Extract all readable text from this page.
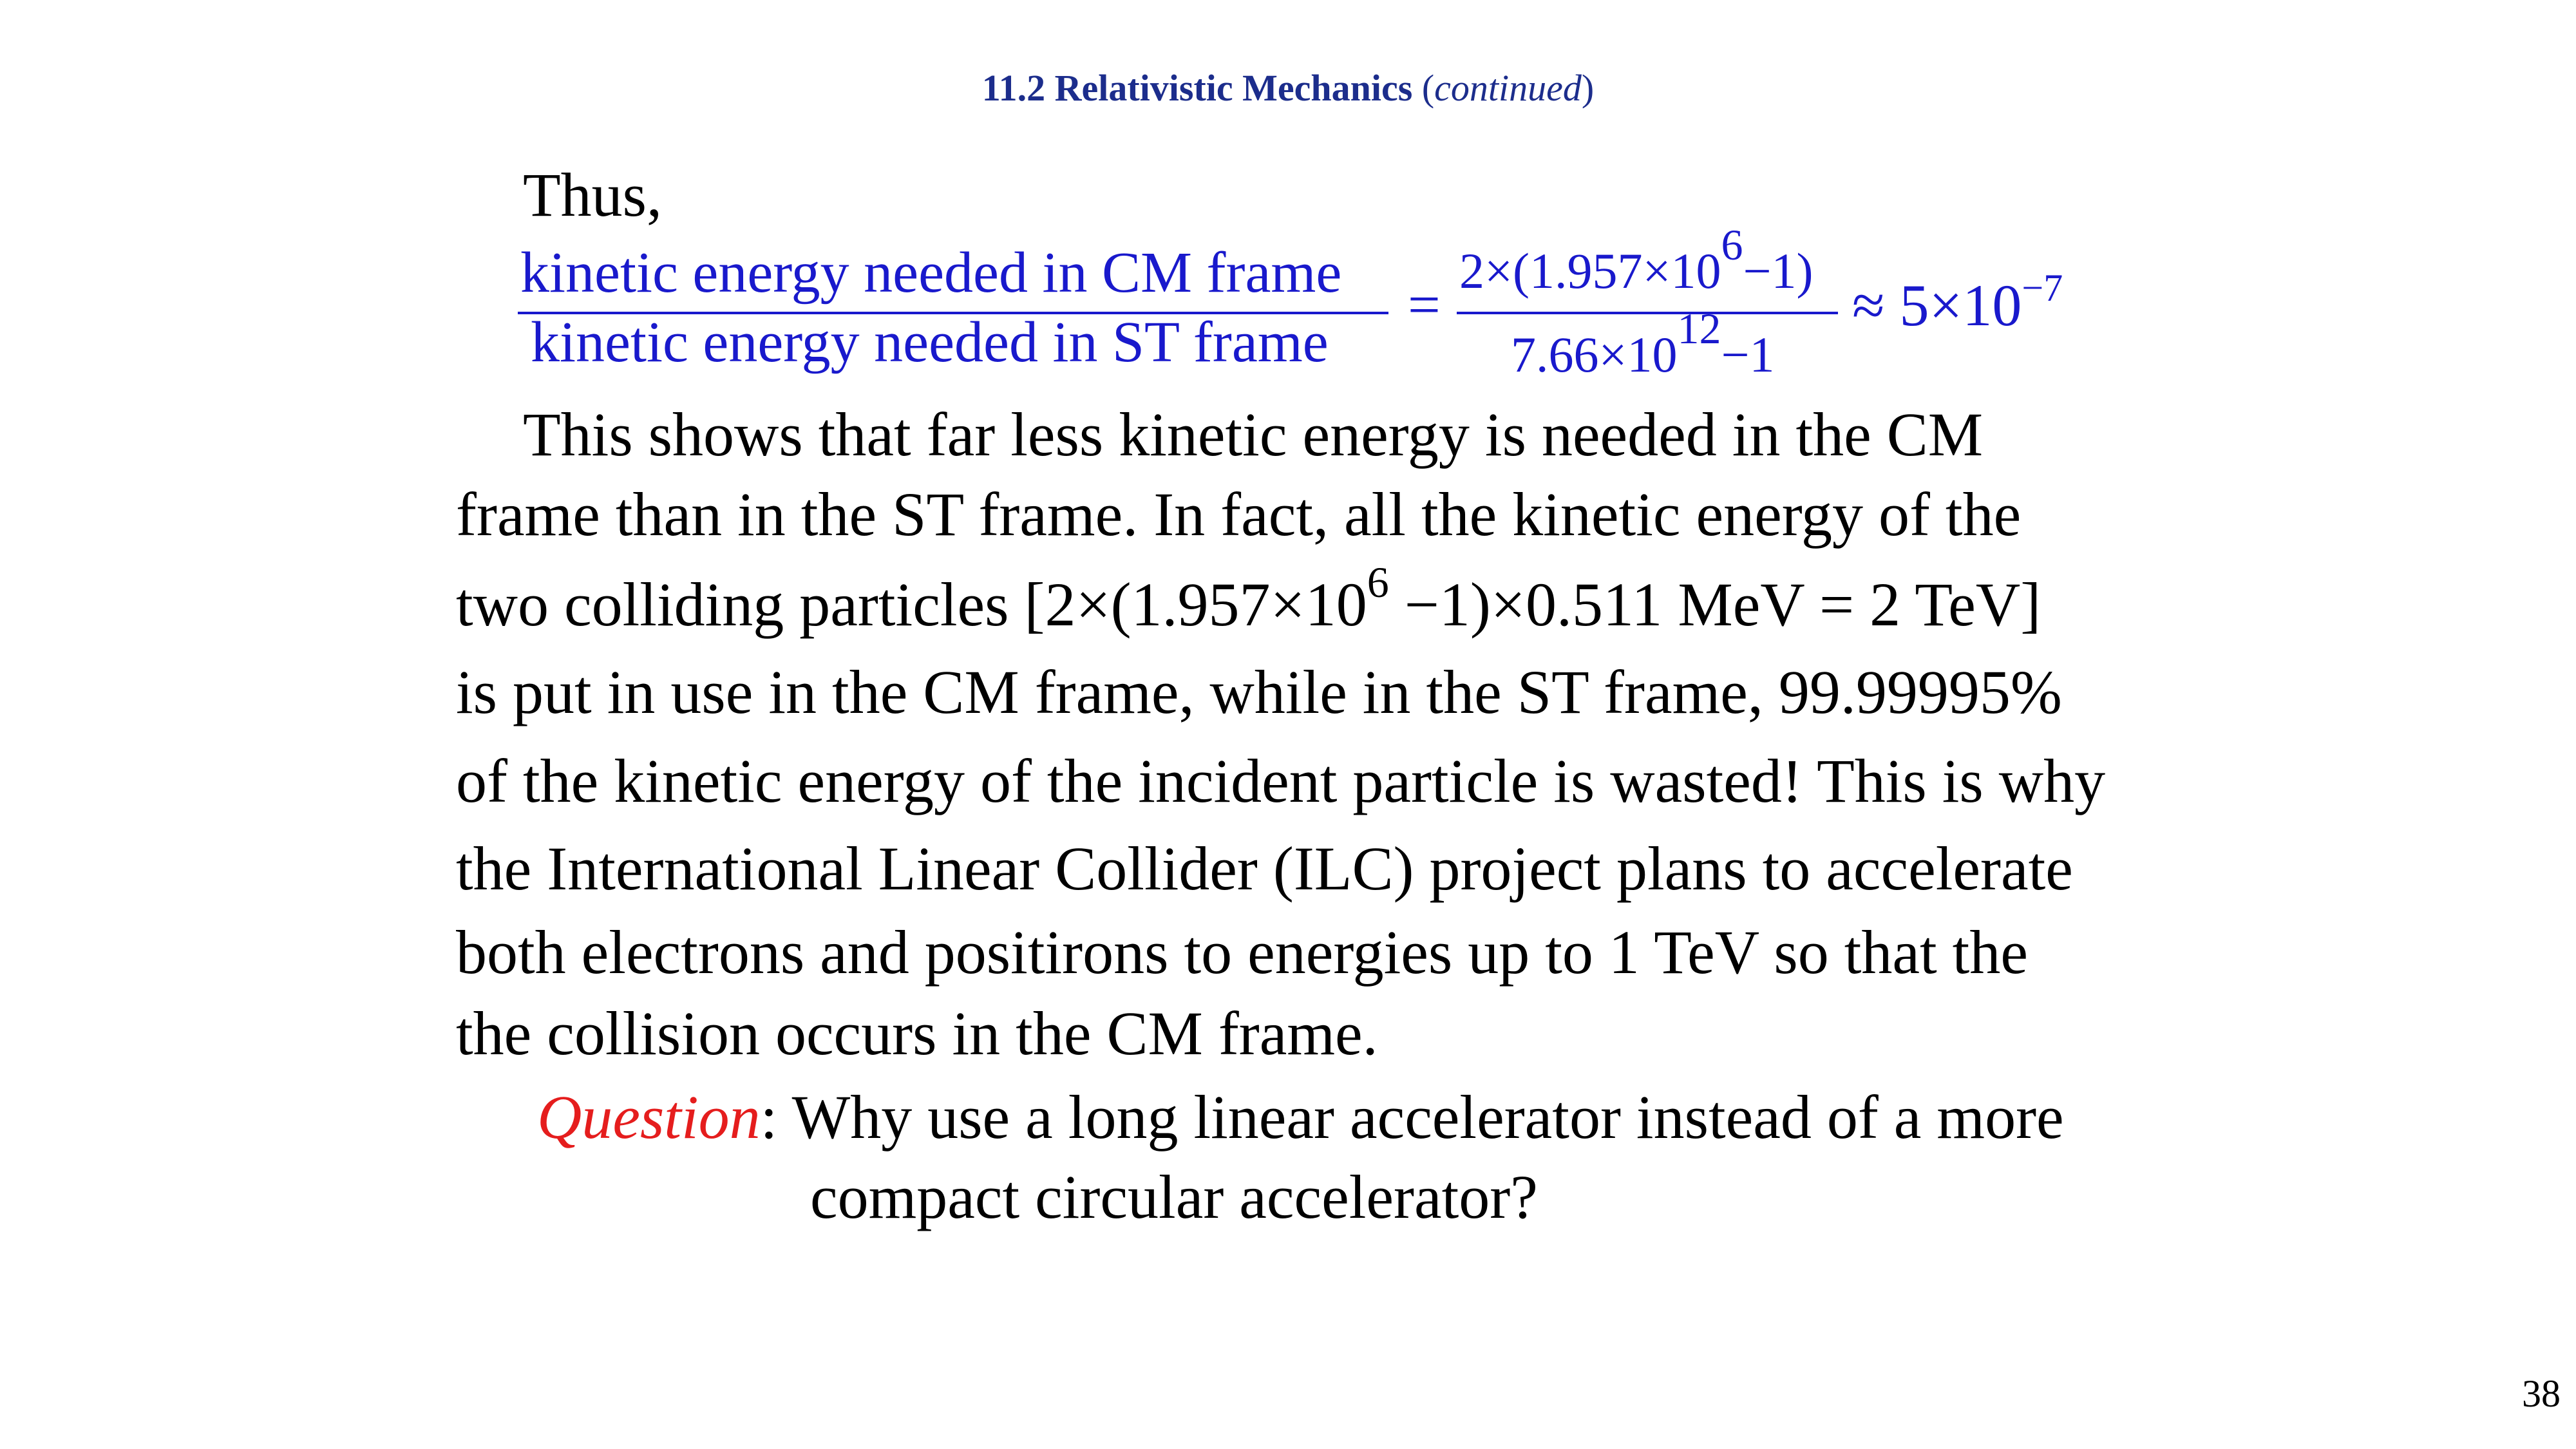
11.2 Relativistic Mechanics (continued)
Thus,
kinetic energy needed in CM frame
kinetic energy needed in ST frame
=
2×(1.957×106−1)
7.66×1012−1
≈ $5\times 10^{-7}$
This shows that far less kinetic energy is needed in the CM
frame than in the ST frame. In fact, all the kinetic energy of the
two colliding particles [$2\times(1.957\times 10^6 -1)\times 0.511$ MeV = 2 TeV]
is put in use in the CM frame, while in the ST frame, 99.99995%
of the kinetic energy of the incident particle is wasted! This is why
the International Linear Collider (ILC) project plans to accelerate
both electrons and positirons to energies up to 1 TeV so that the
the collision occurs in the CM frame.
Question: Why use a long linear accelerator instead of a more
compact circular accelerator?
38
